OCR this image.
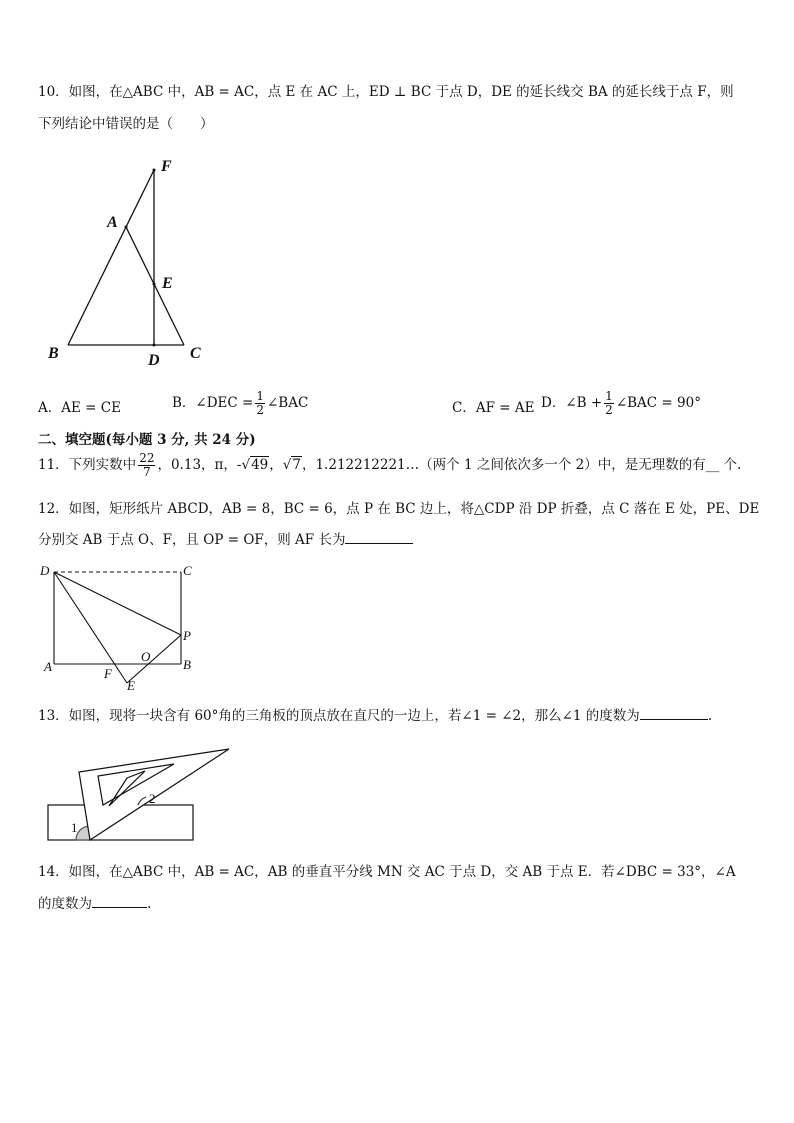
10．如图，在△ABC 中，AB = AC，点 E 在 AC 上，ED ⊥ BC 于点 D，DE 的延长线交 BA 的延长线于点 F，则
下列结论中错误的是（　　）
F
A
E
B	D C
A．AE = CE	B．∠DEC = $\frac{1}{2}$ ∠BAC	C．AF = AE D．∠B + $\frac{1}{2}$ ∠BAC = 90°
二、填空题(每小题 3 分, 共 24 分)
11．下列实数中 $\frac{22}{7}$ ，0.13，π，-√49，√7，1.212212221…（两个 1 之间依次多一个 2）中，是无理数的有__ 个.
12．如图，矩形纸片 ABCD，AB = 8，BC = 6，点 P 在 BC 边上，将△CDP 沿 DP 折叠，点 C 落在 E 处，PE、DE
分别交 AB 于点 O、F，且 OP = OF，则 AF 长为
D	C
P
O
A	F
B
E
13．如图，现将一块含有 60°角的三角板的顶点放在直尺的一边上，若∠1 = ∠2，那么∠1 的度数为	.
1
2
14．如图，在△ABC 中，AB = AC，AB 的垂直平分线 MN 交 AC 于点 D，交 AB 于点 E．若∠DBC = 33°，∠A
的度数为	.
